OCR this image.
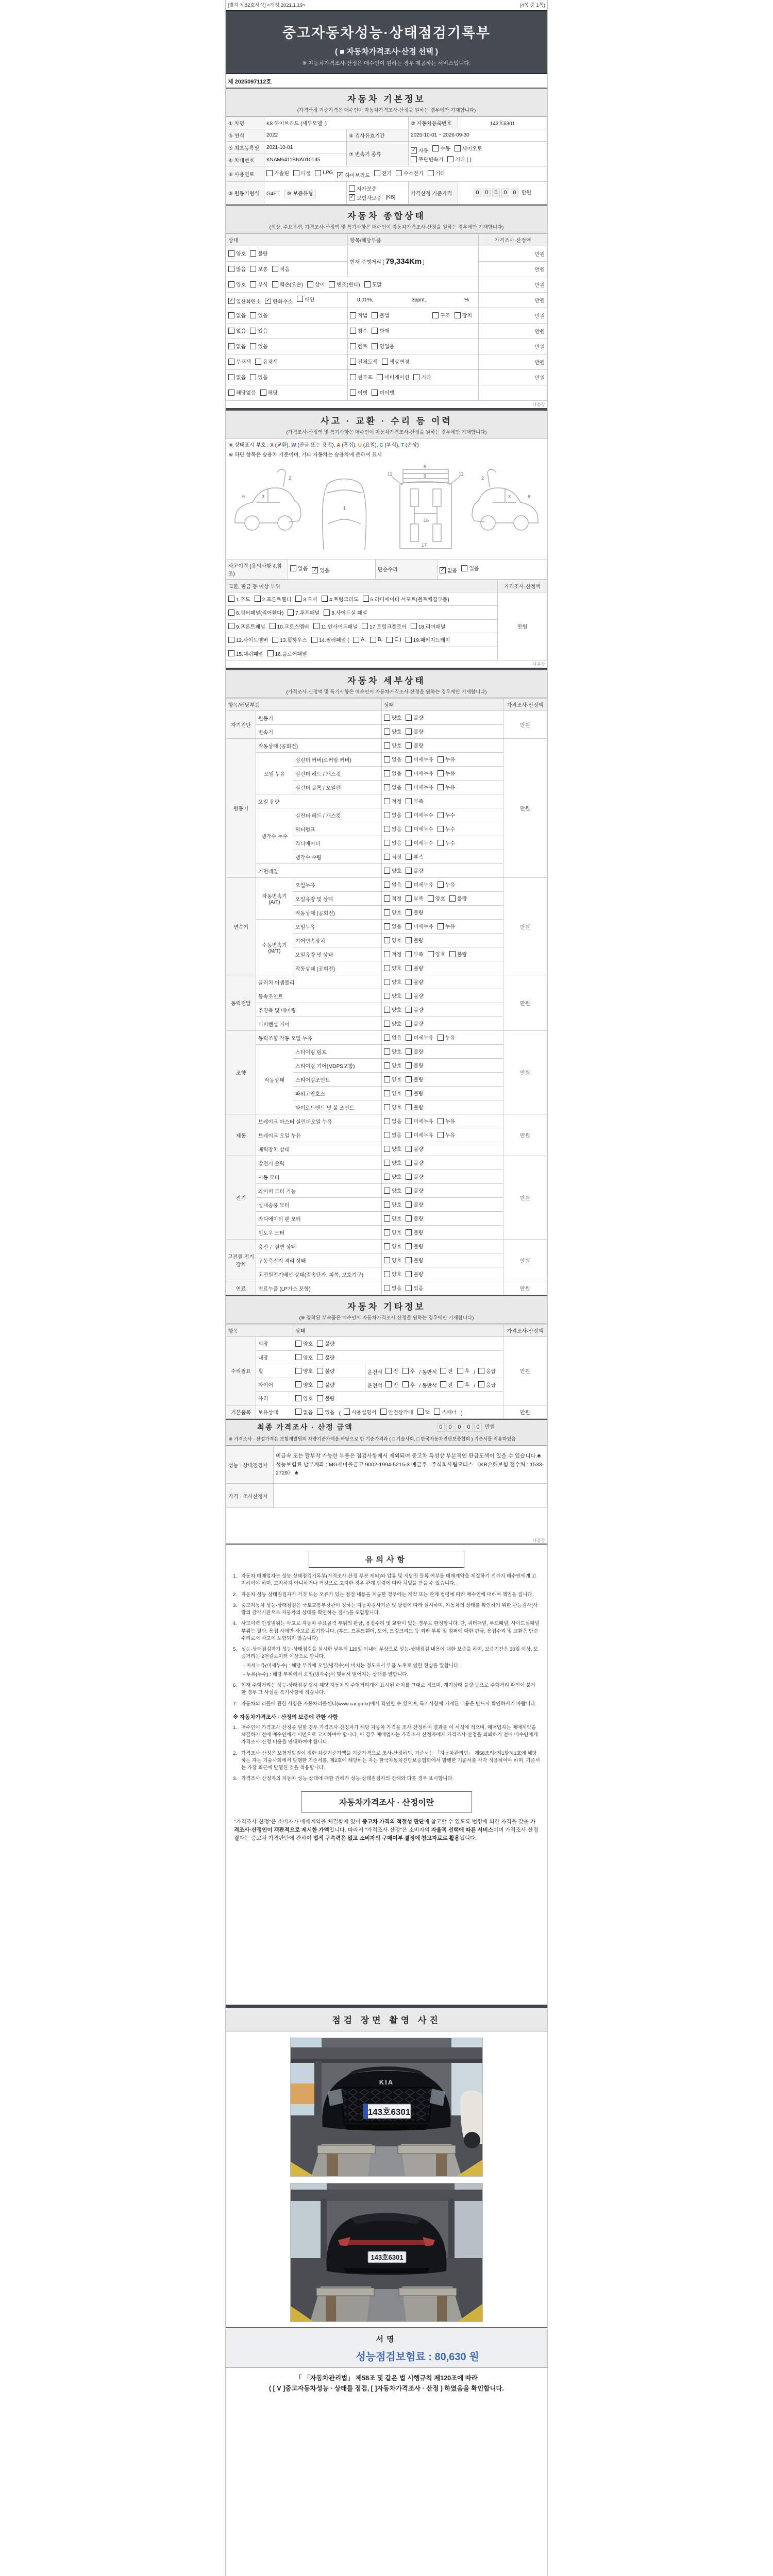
[별지 제82호서식] <개정 2021.1.19>	(4쪽 중 1쪽)
중고자동차성능·상태점검기록부
( ■ 자동차가격조사·산정 선택 )
※ 자동차가격조사·산정은 매수인이 원하는 경우 제공하는 서비스입니다.
제 2025097112호
자동차 기본정보
(가격산정 기준가격은 매수인이 자동차가격조사·산정을 원하는 경우에만 기재합니다)
① 차명	K8 하이브리드 (세부모델: )		② 자동차등록번호	143호6301
③ 연식	2022	④ 검사유효기간	2025-10-01 ~ 2026-09-30	
⑤ 최초등록일	2021-10-01	⑦ 변속기 종류	
✓ 자동 수동 세미오토
무단변속기 기타 ( )

⑥ 차대번호	KNAM6411BNA010135			
⑧ 사용연료	가솔린 디젤 LPG ✓ 하이브리드 전기 수소전기 기타

⑨ 원동기형식	G4FT ⑩ 보증유형	자가보증
✓ 보험사보증 [KB]	가격산정 기준가격	0 0 0 0 0 만원
자동차 종합상태
(색상, 주요옵션, 가격조사·산정액 및 특기사항은 매수인이 자동차가격조사·산정을 원하는 경우에만 기재합니다)
상태	항목/해당부품	가격조사·산정액

양호 불량	현재 주행거리 [ 79,334Km ]	만원

많음 보통 적음		만원

양호 부식 훼손(오손) 상이 변조(변타) 도말	만원

✓ 일산화탄소 ✓ 탄화수소 매연	0.01%, 3ppm, %	만원

없음 있음	적법 불법 구조 장치	만원

없음 있음	침수 화재	만원

없음 있음	렌트 영업용	만원

무채색 유채색	전체도색 색상변경	만원

없음 있음	썬루프 네비게이션 기타	만원

해당없음 해당	이행 미이행	

다음장
사고 · 교환 · 수리 등 이력
(가격조사·산정액 및 특기사항은 매수인이 자동차가격조사·산정을 원하는 경우에만 기재합니다)
※ 상태표시 부호 : X (교환), W (판금 또는 용접), A (흠집), U (요철), C (부식), T (손상)
※ 하단 항목은 승용차 기준이며, 기타 자동차는 승용차에 준하여 표시
2
3
6
1
11	11
5
9
16
17
2
3	6
사고이력 (유의사항 4.참조)	
없음 ✓ 있음	단순수리	✓ 없음 있음
교환, 판금 등 이상 부위	가격조사·산정액

1.후드 2.프론트휀더 3.도어 4.트렁크리드 5.라디에이터 서포트(볼트체결부품)	만원

6.쿼터패널(리어휀다) 7.루프패널 8.사이드실 패널	

9.프론트패널 10.크로스멤버 11.인사이드패널 17.트렁크플로어 18.리어패널	

12.사이드멤버 13.휠하우스 14.필러패널 ( A, B, C ) 19.패키지트레이

15.대쉬패널 16.플로어패널	
다음장
자동차 세부상태
(가격조사·산정액 및 특기사항은 매수인이 자동차가격조사·산정을 원하는 경우에만 기재합니다)
항목/해당부품			상태	가격조사·산정액
자기진단	원동기		양호 불량	만원
	변속기		양호 불량	

원동기	작동상태 (공회전)		양호 불량	만원
	오일 누유	실린더 커버(로커암 커버)	없음 미세누유 누유	

		실린더 헤드 / 개스킷	없음 미세누유 누유	

		실린더 블록 / 오일팬	없음 미세누유 누유	

	오일 유량		적정 부족	

	냉각수 누수	실린더 헤드 / 개스킷	없음 미세누수 누수	

		워터펌프	없음 미세누수 누수	

		라디에이터	없음 미세누수 누수	

		냉각수 수량	적정 부족	

	커먼레일		양호 불량	

변속기	자동변속기 (A/T)	오일누유	없음 미세누유 누유	만원
		오일유량 및 상태	적정 부족 양호 불량	

		작동상태 (공회전)	양호 불량	

	수동변속기 (M/T)	오일누유	없음 미세누유 누유	

		기어변속장치	양호 불량	

		오일유량 및 상태	적정 부족 양호 불량	

		작동상태 (공회전)	양호 불량	

동력전달	클러치 어셈블리		양호 불량	만원
	등속조인트		양호 불량	

	추진축 및 베어링		양호 불량	

	디퍼렌셜 기어		양호 불량	

조향	동력조향 작동 오일 누유		없음 미세누유 누유	만원
	작동상태	스티어링 펌프	양호 불량	

		스티어링 기어(MDPS포함)	양호 불량	

		스티어링조인트	양호 불량	

		파워고압호스	양호 불량	

		타이로드엔드 및 볼 조인트	양호 불량	

제동	브레이크 마스터 실린더오일 누유		없음 미세누유 누유	만원
	브레이크 오일 누유		없음 미세누유 누유	

	배력장치 상태		양호 불량	

전기	발전기 출력		양호 불량	만원
	시동 모터		양호 불량	

	와이퍼 모터 기능		양호 불량	

	실내송풍 모터		양호 불량	

	라디에이터 팬 모터		양호 불량	

	윈도우 모터		양호 불량	

고전원 전기장치	충전구 절연 상태		양호 불량	만원
	구동축전지 격리 상태		양호 불량	

	고전원전기배선 상태(접속단자, 피복, 보호기구)		양호 불량	

연료	연료누출 (LP가스 포함)		없음 있음	만원
자동차 기타정보
(※ 장착된 부속품은 매수인이 자동차가격조사·산정을 원하는 경우에만 기재합니다)
항목		상태		가격조사·산정액
수리필요	외장	양호 불량		만원
	내장	양호 불량		

휠	양호 불량	운전석 전 후 / 동반석 전 후 / 응급

타이어	양호 불량	운전석 전 후 / 동반석 전 후 / 응급

	유리	양호 불량		

기본품목	보유상태	없음 있음 ( 사용설명서 안전삼각대 잭 스패너 )	만원
최종 가격조사 · 산정 금액	0 0 0 0 0 만원
※ 가격조사 · 산정가격은 보험개발원의 차량기준가액을 바탕으로 한 기준가격과 ( □ 기술사회, □ 한국자동차진단보증협회 ) 기준서를 적용하였음
성능 · 상태점검자	비금속 또는 탈부착 가능한 부품은 점검사항에서 제외되며 중고차 특성상 부분적인 판금도색이 있을 수 있습니다.♣ 성능보험료 납부계좌 : MG새마을금고 9002-1994-5215-3 예금주 : 주식회사팀모터스 《KB손해보험 접수처 : 1533-2729》 ♣
가격 · 조사산정자	
다음장
유의사항
1. 자동차 매매업자는 성능·상태점검기록부(가격조사·산정 부분 제외)와 압류 및 저당권 등록 여부를 매매계약을 체결하기 전까지 매수인에게 고지하여야 하며, 고지하지 아니하거나 거짓으로 고지한 경우 관계 법령에 따라 처벌을 받을 수 있습니다.
2. 자동차 성능·상태점검자가 거짓 또는 오류가 있는 점검 내용을 제공한 경우에는 계약 또는 관계 법령에 따라 매수인에 대하여 책임을 집니다.
3. 중고자동차 성능·상태점검은 국토교통부장관이 정하는 자동차검사기준 및 방법에 따라 실시하며, 자동차의 상태를 확인하기 위한 관능검사(사람의 감각기관으로 자동차의 상태를 확인하는 검사)를 포함합니다.
4. 사고이력 인정범위는 사고로 자동차 주요골격 부위의 판금, 용접수리 및 교환이 있는 경우로 한정합니다. 단, 쿼터패널, 루프패널, 사이드실패널 부위는 절단, 용접 시에만 사고로 표기합니다. (후드, 프론트휀더, 도어, 트렁크리드 등 외판 부위 및 범퍼에 대한 판금, 용접수리 및 교환은 단순수리로서 사고에 포함되지 않습니다)
5. 성능·상태점검자가 성능·상태점검을 실시한 날부터 120일 이내에 무상으로 성능·상태점검 내용에 대한 보증을 하며, 보증기간은 30일 이상, 보증거리는 2천킬로미터 이상으로 합니다.
- 미세누유(미세누수) : 해당 부위에 오일(냉각수)이 비치는 정도로서 부품 노후로 인한 현상을 말합니다.
- 누유(누수) : 해당 부위에서 오일(냉각수)이 맺혀서 떨어지는 상태를 말합니다.
6. 현재 주행거리는 성능·상태점검 당시 해당 자동차의 주행거리계에 표시된 수치를 그대로 적으며, 계기상태 불량 등으로 주행거리 확인이 불가한 경우 그 사실을 특기사항에 적습니다.
7. 자동차의 리콜에 관한 사항은 자동차리콜센터(www.car.go.kr)에서 확인할 수 있으며, 특기사항에 기재된 내용은 반드시 확인하시기 바랍니다.
※ 자동차가격조사 · 산정의 보증에 관한 사항
1. 매수인이 가격조사·산정을 원할 경우 가격조사·산정자가 해당 자동차 가격을 조사·산정하여 결과를 이 서식에 적으며, 매매업자는 매매계약을 체결하기 전에 매수인에게 서면으로 고지하여야 합니다. 이 경우 매매업자는 가격조사·산정자에게 가격조사·산정을 의뢰하기 전에 매수인에게 가격조사·산정 비용을 안내하여야 합니다.
2. 가격조사·산정은 보험개발원이 정한 차량기준가액을 기준가격으로 조사·산정하되, 기준서는 「자동차관리법」 제58조의4제1항제1호에 해당하는 자는 기술사회에서 발행한 기준서를, 제2호에 해당하는 자는 한국자동차진단보증협회에서 발행한 기준서를 각각 적용하여야 하며, 기준서는 가장 최근에 발행된 것을 적용합니다.
3. 가격조사·산정자의 자동차 성능·상태에 대한 견해가 성능·상태점검자의 견해와 다를 경우 표시합니다.
자동차가격조사 · 산정이란
"가격조사·산정"은 소비자가 매매계약을 체결함에 있어 중고차 가격의 적절성 판단에 참고할 수 있도록 법령에 의한 자격을 갖춘 가격조사·산정인이 객관적으로 제시한 가액입니다. 따라서 "가격조사·산정"은 소비자의 자율적 선택에 따른 서비스이며 가격조사·산정 결과는 중고차 가격판단에 관하여 법적 구속력은 없고 소비자의 구매여부 결정에 참고자료로 활용됩니다.
점검 장면 촬영 사진
KIA
143호6301
143호6301
서명
성능점검보험료 : 80,630 원
「 「자동차관리법」 제58조 및 같은 법 시행규칙 제120조에 따라
( [ V ]중고자동차성능 · 상태를 점검, [ ]자동차가격조사 · 산정 ) 하였음을 확인합니다.
